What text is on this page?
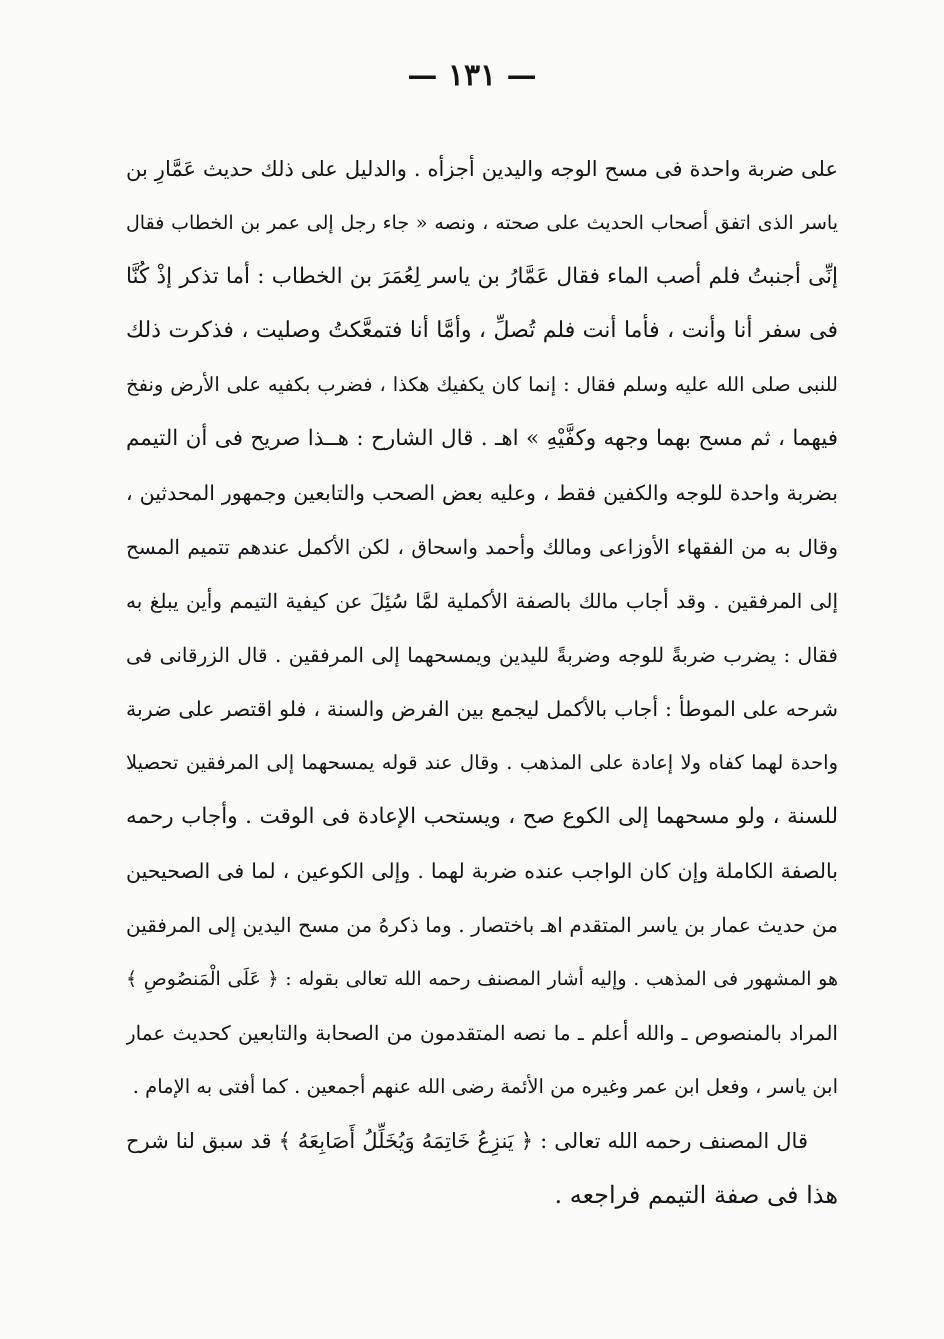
— ١٣١ —
على ضربة واحدة فى مسح الوجه واليدين أجزأه . والدليل على ذلك حديث عَمَّارِ بن
ياسر الذى اتفق أصحاب الحديث على صحته ، ونصه « جاء رجل إلى عمر بن الخطاب فقال
إنِّى أجنبتُ فلم أصب الماء فقال عَمَّارُ بن ياسر لِعُمَرَ بن الخطاب : أما تذكر إذْ كُنَّا
فى سفر أنا وأنت ، فأما أنت فلم تُصلِّ ، وأمَّا أنا فتمعَّكتُ وصليت ، فذكرت ذلك
للنبى صلى الله عليه وسلم فقال : إنما كان يكفيك هكذا ، فضرب بكفيه على الأرض ونفخ
فيهما ، ثم مسح بهما وجهه وكفَّيْهِ » اهـ . قال الشارح : هــذا صريح فى أن التيمم
بضربة واحدة للوجه والكفين فقط ، وعليه بعض الصحب والتابعين وجمهور المحدثين ،
وقال به من الفقهاء الأوزاعى ومالك وأحمد واسحاق ، لكن الأكمل عندهم تتميم المسح
إلى المرفقين . وقد أجاب مالك بالصفة الأكملية لمَّا سُئِلَ عن كيفية التيمم وأين يبلغ به
فقال : يضرب ضربةً للوجه وضربةً لليدين ويمسحهما إلى المرفقين . قال الزرقانى فى
شرحه على الموطأ : أجاب بالأكمل ليجمع بين الفرض والسنة ، فلو اقتصر على ضربة
واحدة لهما كفاه ولا إعادة على المذهب . وقال عند قوله يمسحهما إلى المرفقين تحصيلا
للسنة ، ولو مسحهما إلى الكوع صح ، ويستحب الإعادة فى الوقت . وأجاب رحمه
بالصفة الكاملة وإن كان الواجب عنده ضربة لهما . وإلى الكوعين ، لما فى الصحيحين
من حديث عمار بن ياسر المتقدم اهـ باختصار . وما ذكرهُ من مسح اليدين إلى المرفقين
هو المشهور فى المذهب . وإليه أشار المصنف رحمه الله تعالى بقوله : ﴿ عَلَى الْمَنصُوصِ ﴾
المراد بالمنصوص ـ والله أعلم ـ ما نصه المتقدمون من الصحابة والتابعين كحديث عمار
ابن ياسر ، وفعل ابن عمر وغيره من الأئمة رضى الله عنهم أجمعين . كما أفتى به الإمام .
قال المصنف رحمه الله تعالى : ﴿ يَنزِعُ خَاتِمَهُ وَيُخَلِّلُ أَصَابِعَهُ ﴾ قد سبق لنا شرح
هذا فى صفة التيمم فراجعه .
